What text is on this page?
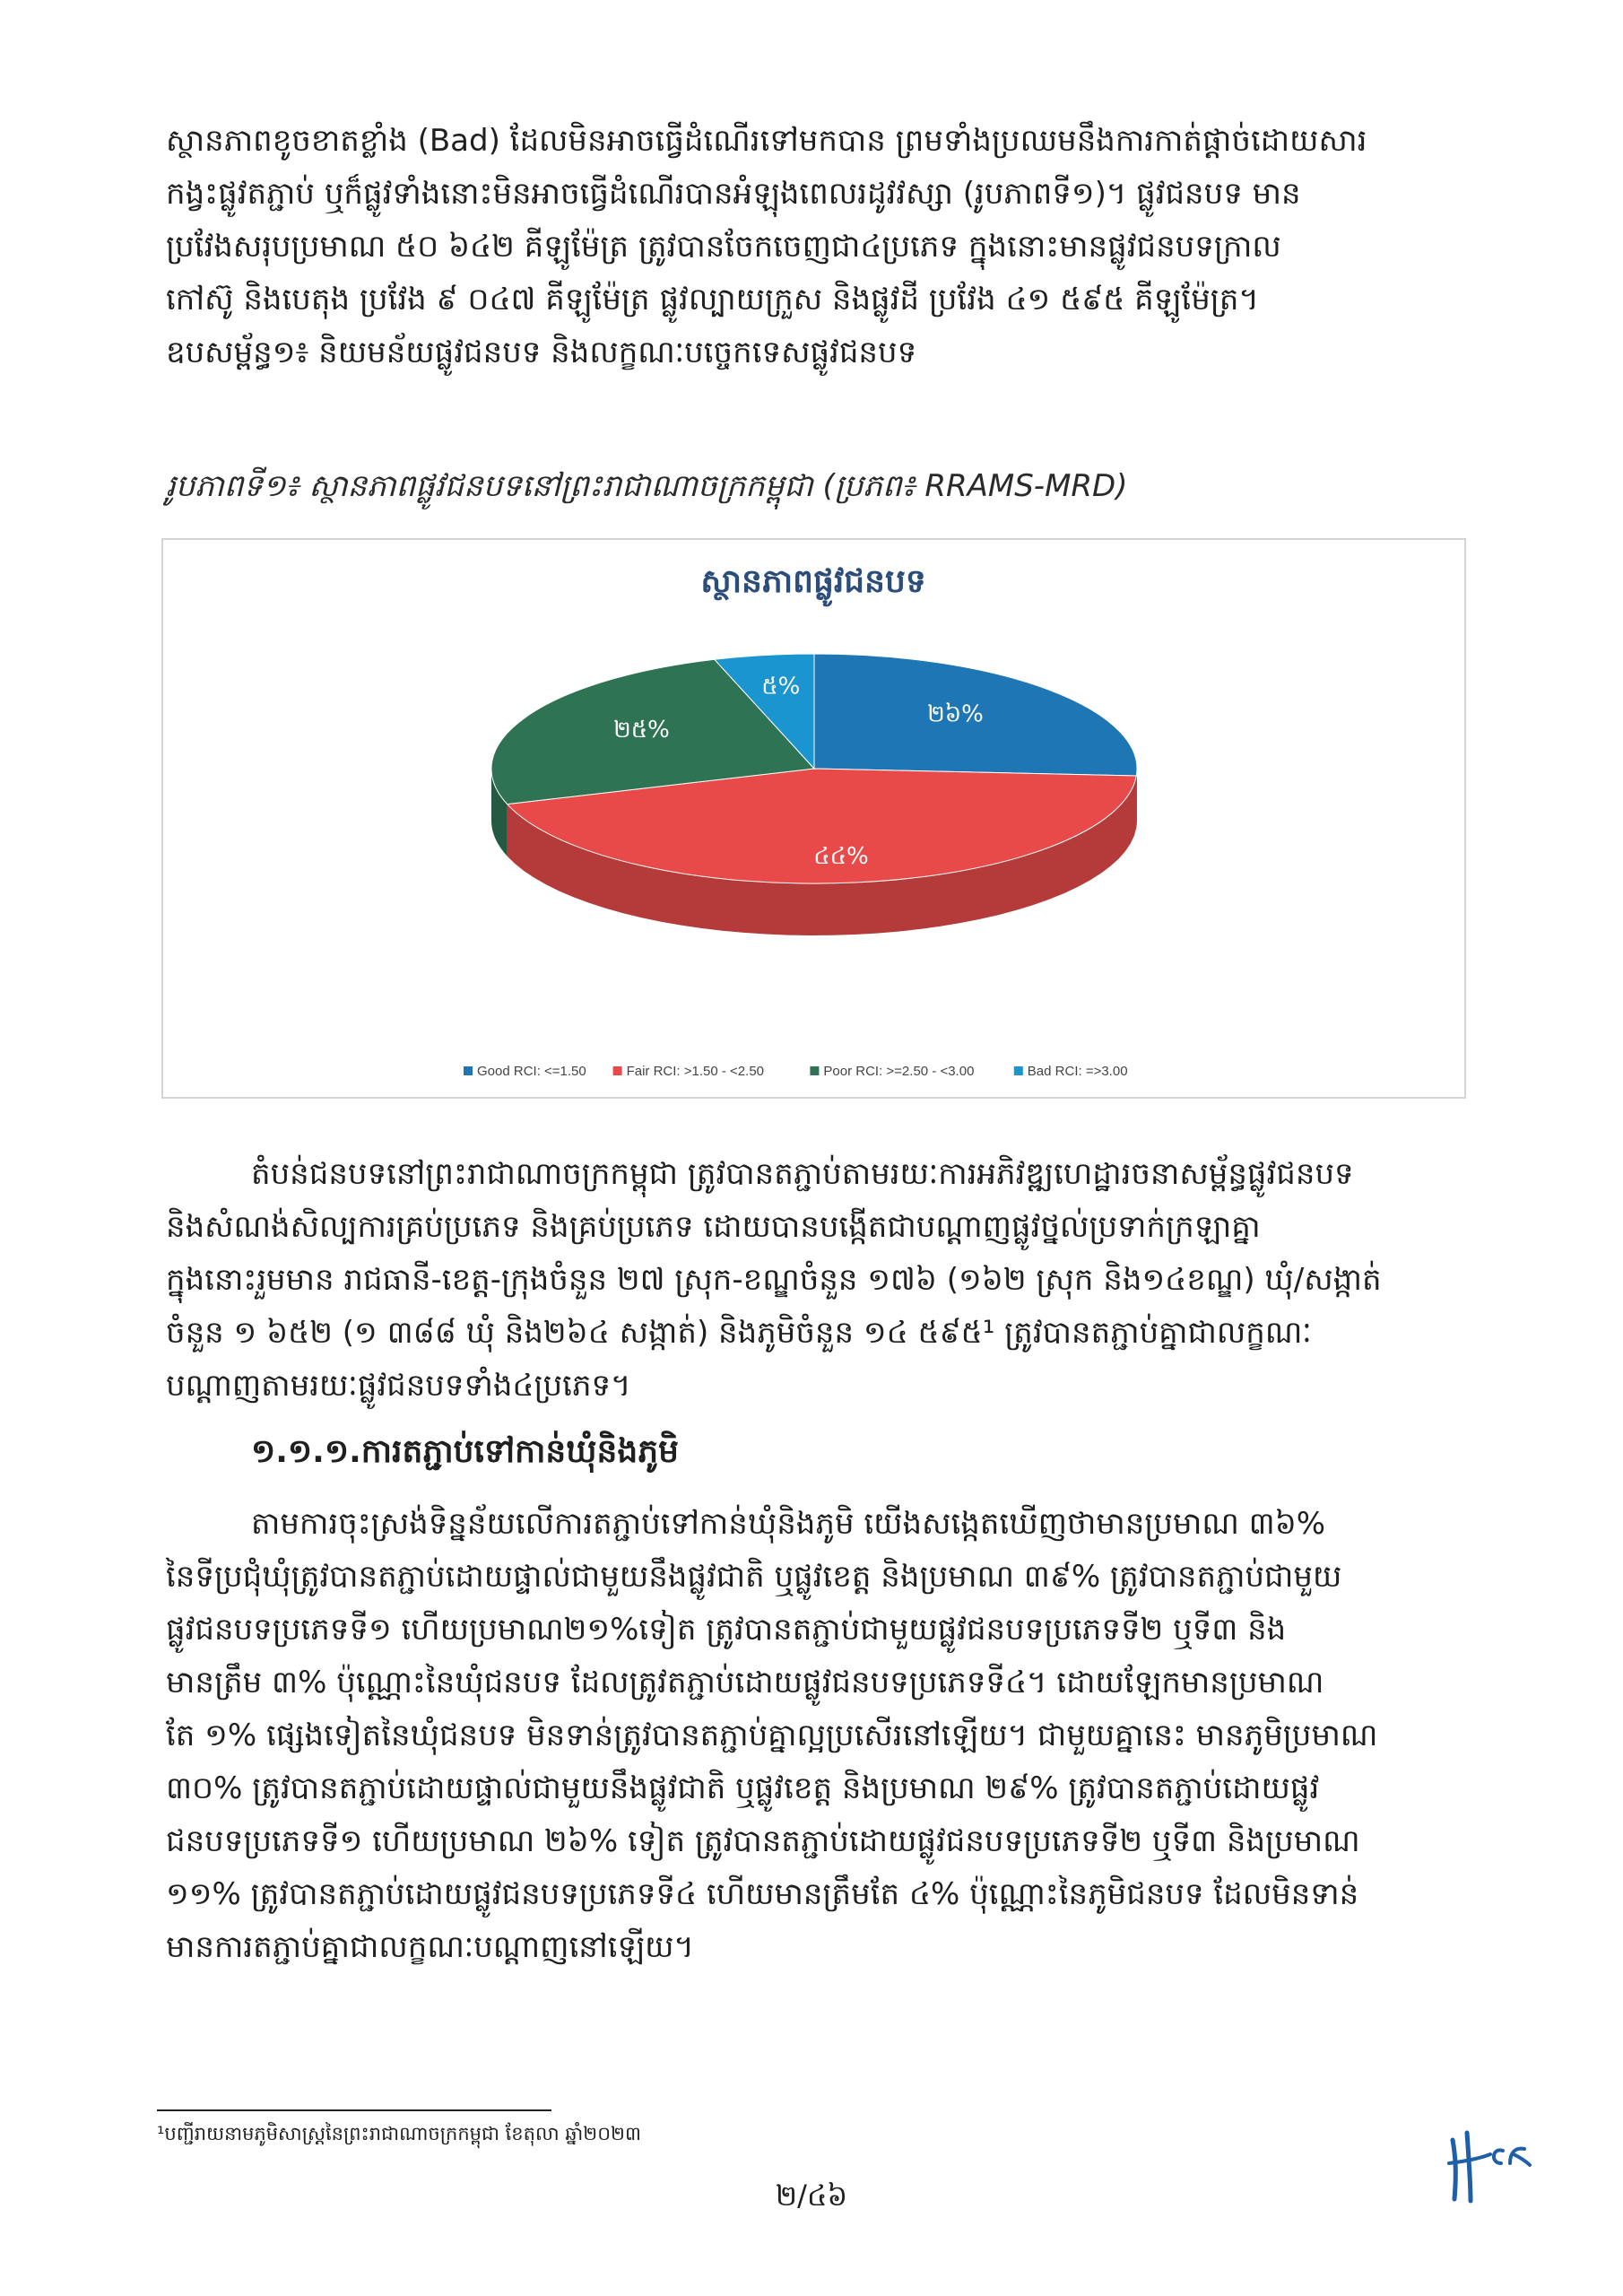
ស្ថានភាពខូចខាតខ្លាំង (Bad) ដែលមិនអាចធ្វើដំណើរទៅមកបាន ព្រមទាំងប្រឈមនឹងការកាត់ផ្តាច់ដោយសារ

កង្វះផ្លូវតភ្ជាប់ ឬក៏ផ្លូវទាំងនោះមិនអាចធ្វើដំណើរបានអំឡុងពេលរដូវវស្សា (រូបភាពទី១)។ ផ្លូវជនបទ មាន

ប្រវែងសរុបប្រមាណ ៥០ ៦៤២ គីឡូម៉ែត្រ ត្រូវបានចែកចេញជា៤ប្រភេទ ក្នុងនោះមានផ្លូវជនបទក្រាល

កៅស៊ូ និងបេតុង ប្រវែង ៩ ០៤៧ គីឡូម៉ែត្រ ផ្លូវល្បាយក្រួស និងផ្លូវដី ប្រវែង ៤១ ៥៩៥ គីឡូម៉ែត្រ។

ឧបសម្ព័ន្ធ១៖ និយមន័យផ្លូវជនបទ និងលក្ខណៈបច្ចេកទេសផ្លូវជនបទ

រូបភាពទី១៖ ស្ថានភាពផ្លូវជនបទនៅព្រះរាជាណាចក្រកម្ពុជា (ប្រភព៖ RRAMS-MRD)

ស្ថានភាពផ្លូវជនបទ
២៦%
៤៤%
២៥%
៥%
Good RCI: <=1.50	Fair RCI: >1.50 - <2.50	Poor RCI: >=2.50 - <3.00	Bad RCI: =>3.00

តំបន់ជនបទនៅព្រះរាជាណាចក្រកម្ពុជា ត្រូវបានតភ្ជាប់តាមរយៈការអភិវឌ្ឍហេដ្ឋារចនាសម្ព័ន្ធផ្លូវជនបទ

និងសំណង់សិល្បការគ្រប់ប្រភេទ និងគ្រប់ប្រភេទ ដោយបានបង្កើតជាបណ្តាញផ្លូវថ្នល់ប្រទាក់ក្រឡាគ្នា

ក្នុងនោះរួមមាន រាជធានី-ខេត្ត-ក្រុងចំនួន ២៧ ស្រុក-ខណ្ឌចំនួន ១៧៦ (១៦២ ស្រុក និង១៤ខណ្ឌ) ឃុំ/សង្កាត់

ចំនួន ១ ៦៥២ (១ ៣៨៨ ឃុំ និង២៦៤ សង្កាត់) និងភូមិចំនួន ១៤ ៥៩៥¹ ត្រូវបានតភ្ជាប់គ្នាជាលក្ខណៈ

បណ្តាញតាមរយៈផ្លូវជនបទទាំង៤ប្រភេទ។

១.១.១.ការតភ្ជាប់ទៅកាន់ឃុំនិងភូមិ

តាមការចុះស្រង់ទិន្នន័យលើការតភ្ជាប់ទៅកាន់ឃុំនិងភូមិ យើងសង្កេតឃើញថាមានប្រមាណ ៣៦%

នៃទីប្រជុំឃុំត្រូវបានតភ្ជាប់ដោយផ្ទាល់ជាមួយនឹងផ្លូវជាតិ ឬផ្លូវខេត្ត និងប្រមាណ ៣៩% ត្រូវបានតភ្ជាប់ជាមួយ

ផ្លូវជនបទប្រភេទទី១ ហើយប្រមាណ២១%ទៀត ត្រូវបានតភ្ជាប់ជាមួយផ្លូវជនបទប្រភេទទី២ ឬទី៣ និង

មានត្រឹម ៣% ប៉ុណ្ណោះនៃឃុំជនបទ ដែលត្រូវតភ្ជាប់ដោយផ្លូវជនបទប្រភេទទី៤។ ដោយឡែកមានប្រមាណ

តែ ១% ផ្សេងទៀតនៃឃុំជនបទ មិនទាន់ត្រូវបានតភ្ជាប់គ្នាល្អប្រសើរនៅឡើយ។ ជាមួយគ្នានេះ មានភូមិប្រមាណ

៣០% ត្រូវបានតភ្ជាប់ដោយផ្ទាល់ជាមួយនឹងផ្លូវជាតិ ឬផ្លូវខេត្ត និងប្រមាណ ២៩% ត្រូវបានតភ្ជាប់ដោយផ្លូវ

ជនបទប្រភេទទី១ ហើយប្រមាណ ២៦% ទៀត ត្រូវបានតភ្ជាប់ដោយផ្លូវជនបទប្រភេទទី២ ឬទី៣ និងប្រមាណ

១១% ត្រូវបានតភ្ជាប់ដោយផ្លូវជនបទប្រភេទទី៤ ហើយមានត្រឹមតែ ៤% ប៉ុណ្ណោះនៃភូមិជនបទ ដែលមិនទាន់

មានការតភ្ជាប់គ្នាជាលក្ខណៈបណ្តាញនៅឡើយ។

¹បញ្ជីរាយនាមភូមិសាស្ត្រនៃព្រះរាជាណាចក្រកម្ពុជា ខែតុលា ឆ្នាំ២០២៣

២/៤៦
